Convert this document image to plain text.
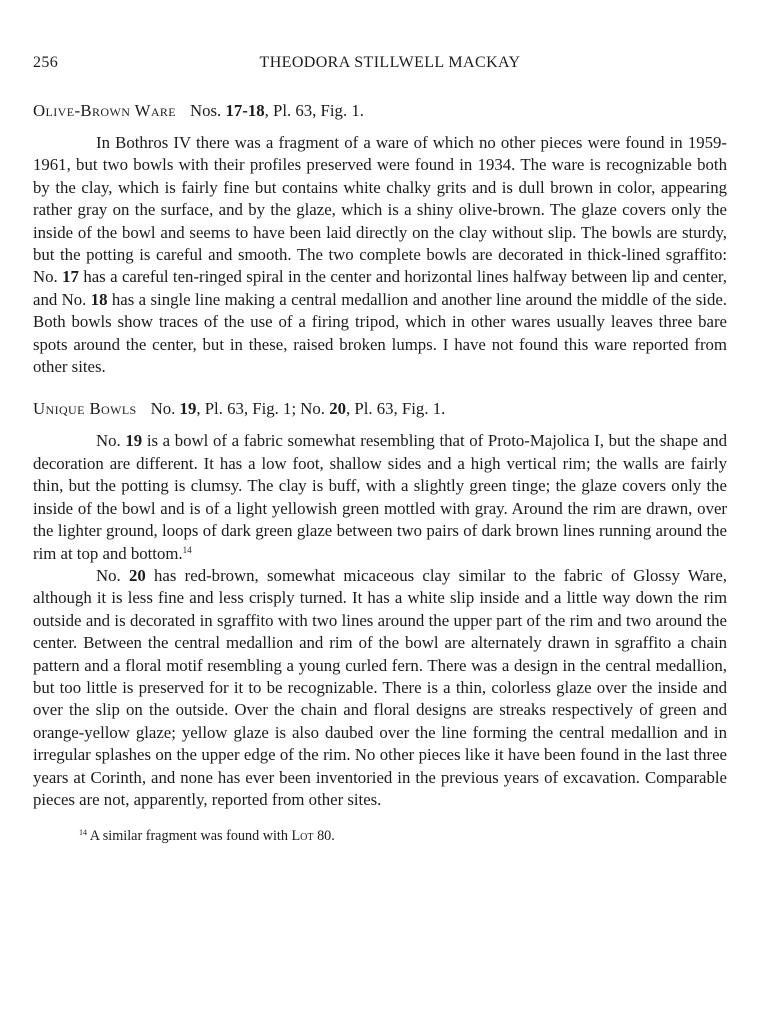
256	THEODORA STILLWELL MACKAY
Olive-Brown Ware Nos. 17-18, Pl. 63, Fig. 1.

In Bothros IV there was a fragment of a ware of which no other pieces were found in 1959-1961, but two bowls with their profiles preserved were found in 1934. The ware is recognizable both by the clay, which is fairly fine but contains white chalky grits and is dull brown in color, appearing rather gray on the surface, and by the glaze, which is a shiny olive-brown. The glaze covers only the inside of the bowl and seems to have been laid directly on the clay without slip. The bowls are sturdy, but the potting is careful and smooth. The two complete bowls are decorated in thick-lined sgraffito: No. 17 has a careful ten-ringed spiral in the center and horizontal lines halfway between lip and center, and No. 18 has a single line making a central medallion and another line around the middle of the side. Both bowls show traces of the use of a firing tripod, which in other wares usually leaves three bare spots around the center, but in these, raised broken lumps. I have not found this ware reported from other sites.

Unique Bowls No. 19, Pl. 63, Fig. 1; No. 20, Pl. 63, Fig. 1.

No. 19 is a bowl of a fabric somewhat resembling that of Proto-Majolica I, but the shape and decoration are different. It has a low foot, shallow sides and a high vertical rim; the walls are fairly thin, but the potting is clumsy. The clay is buff, with a slightly green tinge; the glaze covers only the inside of the bowl and is of a light yellowish green mottled with gray. Around the rim are drawn, over the lighter ground, loops of dark green glaze between two pairs of dark brown lines running around the rim at top and bottom.$^{14}$

No. 20 has red-brown, somewhat micaceous clay similar to the fabric of Glossy Ware, although it is less fine and less crisply turned. It has a white slip inside and a little way down the rim outside and is decorated in sgraffito with two lines around the upper part of the rim and two around the center. Between the central medallion and rim of the bowl are alternately drawn in sgraffito a chain pattern and a floral motif resembling a young curled fern. There was a design in the central medallion, but too little is preserved for it to be recognizable. There is a thin, colorless glaze over the inside and over the slip on the outside. Over the chain and floral designs are streaks respectively of green and orange-yellow glaze; yellow glaze is also daubed over the line forming the central medallion and in irregular splashes on the upper edge of the rim. No other pieces like it have been found in the last three years at Corinth, and none has ever been inventoried in the previous years of excavation. Comparable pieces are not, apparently, reported from other sites.

$^{14}$ A similar fragment was found with Lot 80.
